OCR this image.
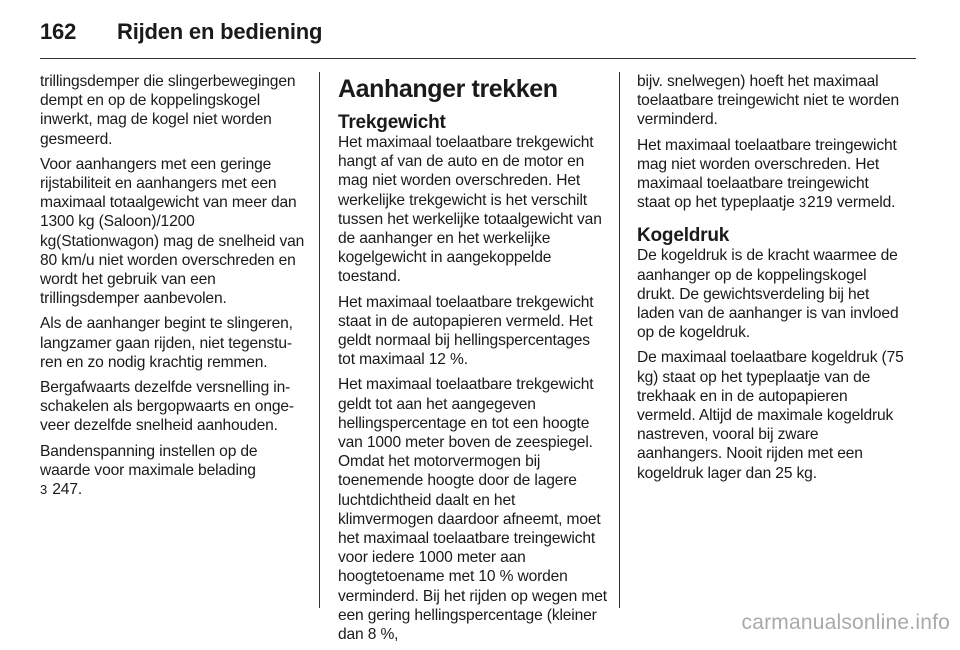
162 Rijden en bediening

trillingsdemper die slingerbewegingen dempt en op de koppelingskogel inwerkt, mag de kogel niet worden gesmeerd.

Voor aanhangers met een geringe rijstabiliteit en aanhangers met een maximaal totaalgewicht van meer dan 1300 kg (Saloon)/1200 kg(Stationwagon) mag de snelheid van 80 km/u niet worden overschreden en wordt het gebruik van een trillingsdemper aanbevolen.

Als de aanhanger begint te slingeren, langzamer gaan rijden, niet tegensturen en zo nodig krachtig remmen.

Bergafwaarts dezelfde versnelling inschakelen als bergopwaarts en ongeveer dezelfde snelheid aanhouden.

Bandenspanning instellen op de waarde voor maximale belading
3 247.

Aanhanger trekken
Trekgewicht

Het maximaal toelaatbare trekgewicht hangt af van de auto en de motor en mag niet worden overschreden. Het werkelijke trekgewicht is het verschilt tussen het werkelijke totaalgewicht van de aanhanger en het werkelijke kogelgewicht in aangekoppelde toestand.

Het maximaal toelaatbare trekgewicht staat in de autopapieren vermeld. Het geldt normaal bij hellingspercentages tot maximaal 12 %.

Het maximaal toelaatbare trekgewicht geldt tot aan het aangegeven hellingspercentage en tot een hoogte van 1000 meter boven de zeespiegel. Omdat het motorvermogen bij toenemende hoogte door de lagere luchtdichtheid daalt en het klimvermogen daardoor afneemt, moet het maximaal toelaatbare treingewicht voor iedere 1000 meter aan hoogtetoename met 10 % worden verminderd. Bij het rijden op wegen met een gering hellingspercentage (kleiner dan 8 %,

bijv. snelwegen) hoeft het maximaal toelaatbare treingewicht niet te worden verminderd.

Het maximaal toelaatbare treingewicht mag niet worden overschreden. Het maximaal toelaatbare treingewicht staat op het typeplaatje 3219 vermeld.

Kogeldruk

De kogeldruk is de kracht waarmee de aanhanger op de koppelingskogel drukt. De gewichtsverdeling bij het laden van de aanhanger is van invloed op de kogeldruk.

De maximaal toelaatbare kogeldruk (75 kg) staat op het typeplaatje van de trekhaak en in de autopapieren vermeld. Altijd de maximale kogeldruk nastreven, vooral bij zware aanhangers. Nooit rijden met een kogeldruk lager dan 25 kg.

carmanualsonline.info
